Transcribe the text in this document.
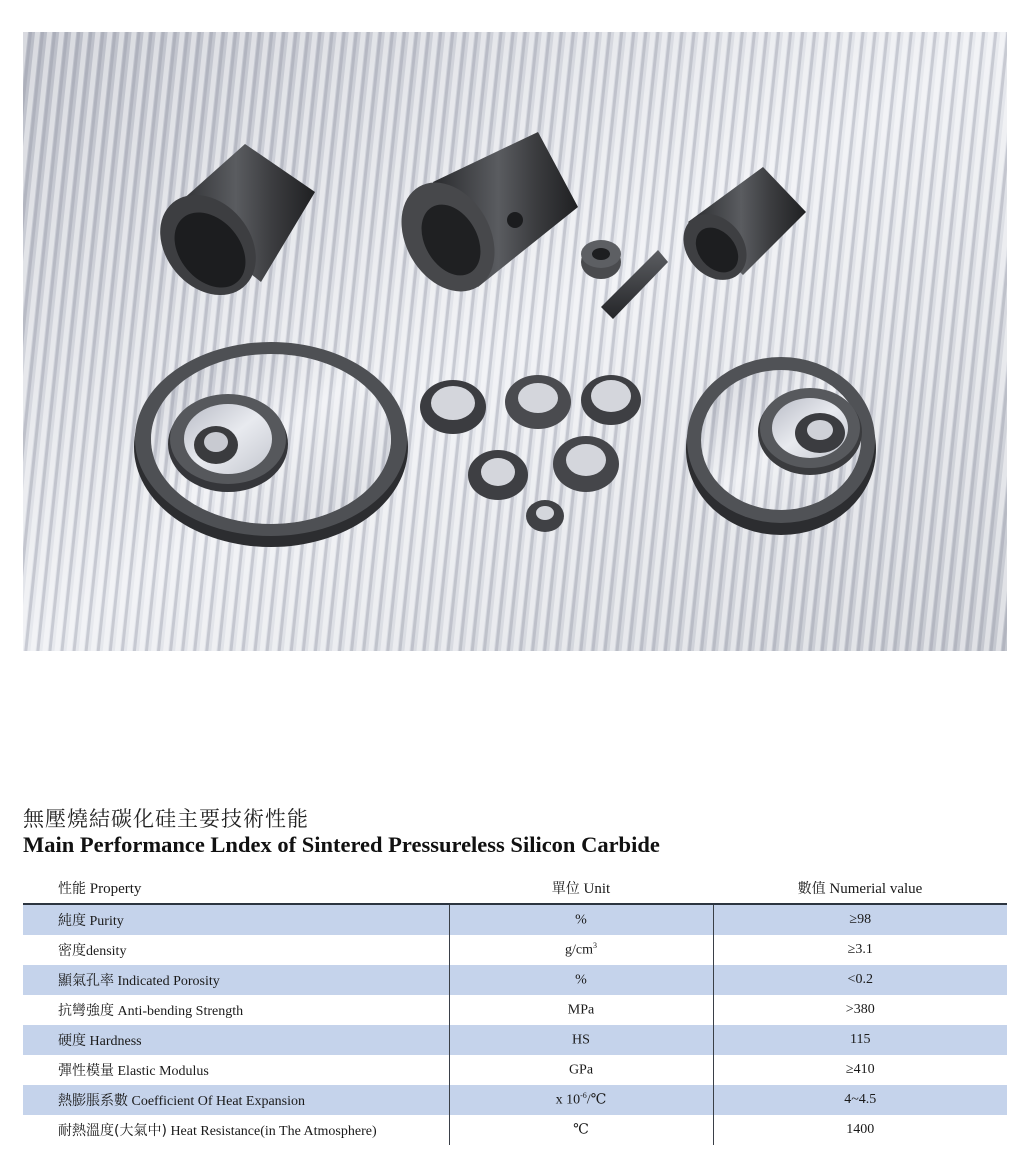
無壓燒結碳化硅主要技術性能
Main Performance Lndex of Sintered Pressureless Silicon Carbide
性能 Property	單位 Unit	數值 Numerial value
純度 Purity	%	≥98
密度density	$g/cm^3$	≥3.1
顯氣孔率 Indicated Porosity	%	<0.2
抗彎強度 Anti-bending Strength	MPa	>380
硬度 Hardness	HS	115
彈性模量 Elastic Modulus	GPa	≥410
熱膨脹系數 Coefficient Of Heat Expansion	x $10^{-6}/℃$	4~4.5
耐熱溫度(大氣中) Heat Resistance(in The Atmosphere)	℃	1400
